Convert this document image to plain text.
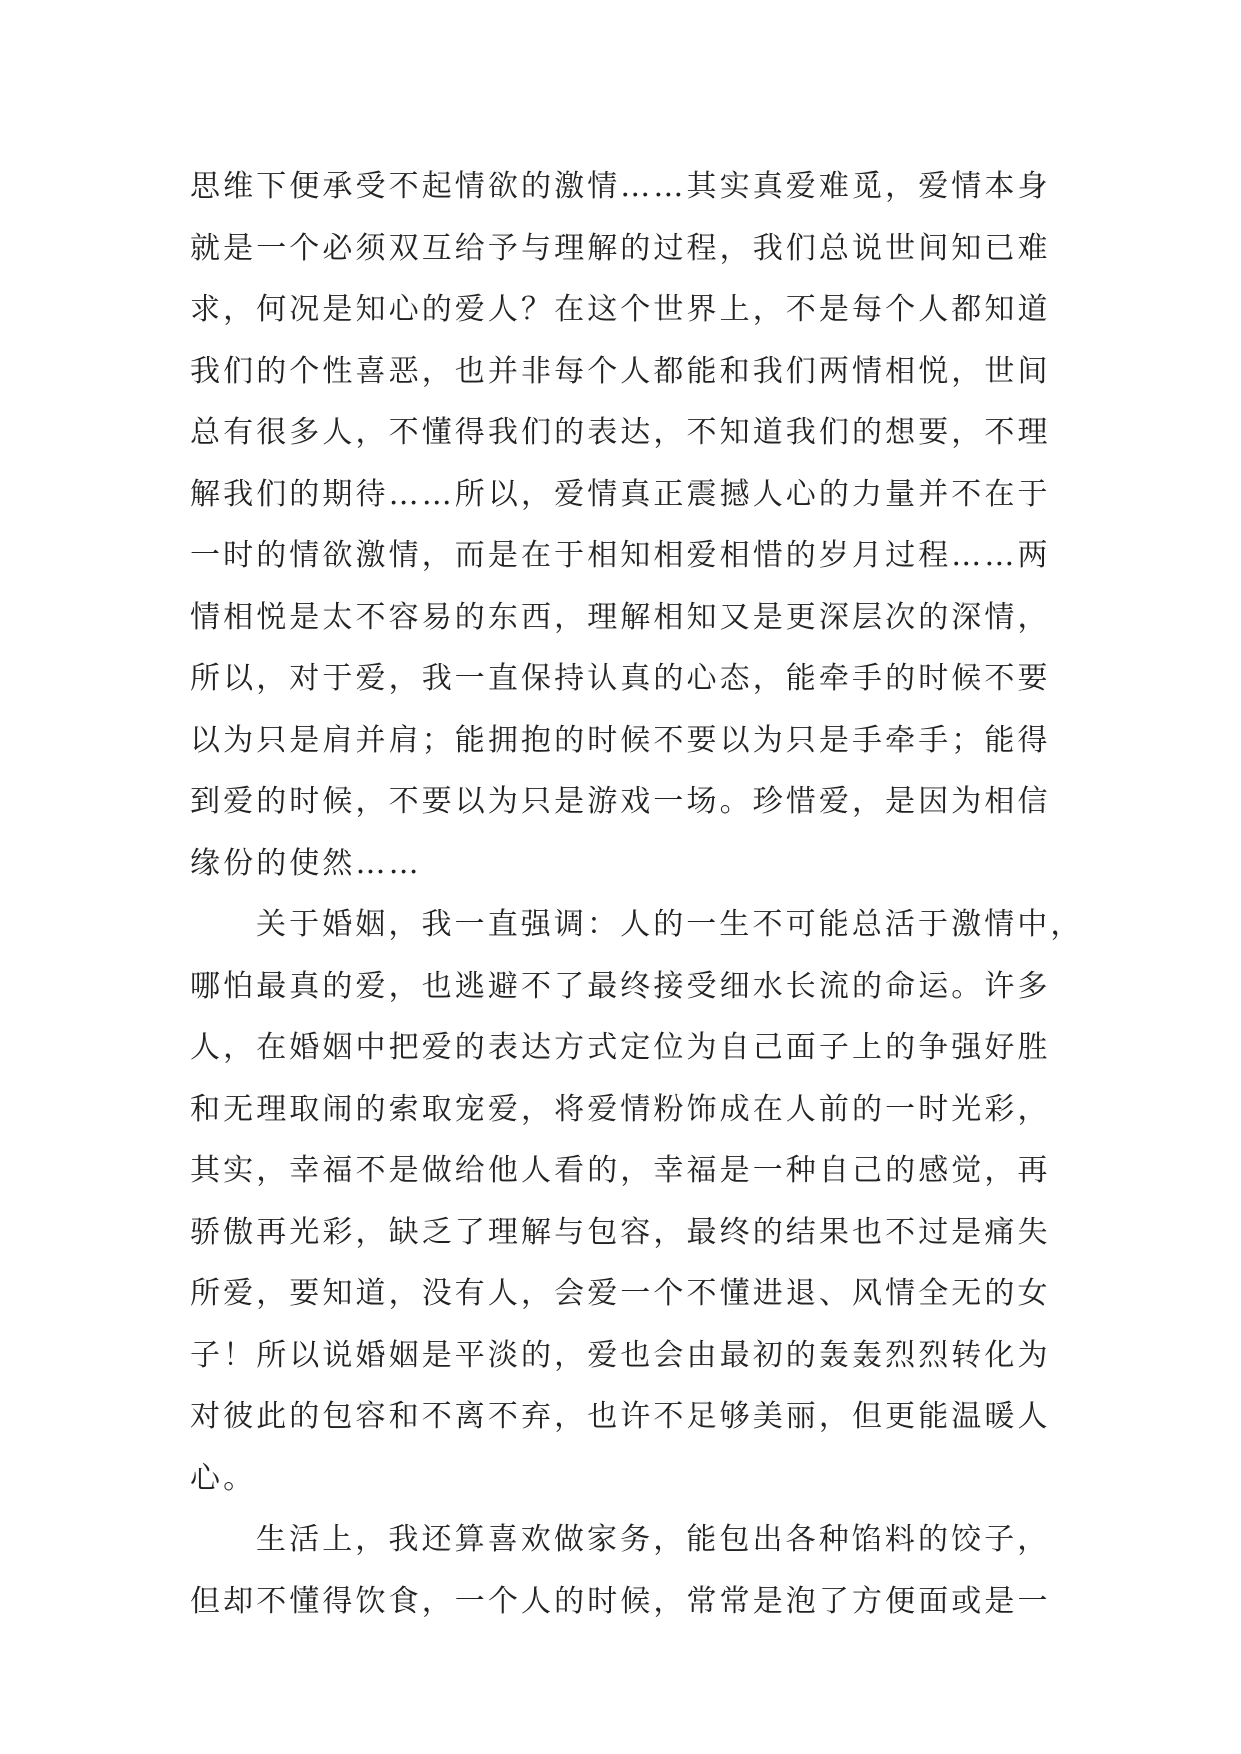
思维下便承受不起情欲的激情……其实真爱难觅，爱情本身
就是一个必须双互给予与理解的过程，我们总说世间知已难
求，何况是知心的爱人？在这个世界上，不是每个人都知道
我们的个性喜恶，也并非每个人都能和我们两情相悦，世间
总有很多人，不懂得我们的表达，不知道我们的想要，不理
解我们的期待……所以，爱情真正震撼人心的力量并不在于
一时的情欲激情，而是在于相知相爱相惜的岁月过程……两
情相悦是太不容易的东西，理解相知又是更深层次的深情，
所以，对于爱，我一直保持认真的心态，能牵手的时候不要
以为只是肩并肩；能拥抱的时候不要以为只是手牵手；能得
到爱的时候，不要以为只是游戏一场。珍惜爱，是因为相信
缘份的使然……
关于婚姻，我一直强调：人的一生不可能总活于激情中，
哪怕最真的爱，也逃避不了最终接受细水长流的命运。许多
人，在婚姻中把爱的表达方式定位为自己面子上的争强好胜
和无理取闹的索取宠爱，将爱情粉饰成在人前的一时光彩，
其实，幸福不是做给他人看的，幸福是一种自己的感觉，再
骄傲再光彩，缺乏了理解与包容，最终的结果也不过是痛失
所爱，要知道，没有人，会爱一个不懂进退、风情全无的女
子！所以说婚姻是平淡的，爱也会由最初的轰轰烈烈转化为
对彼此的包容和不离不弃，也许不足够美丽，但更能温暖人
心。
生活上，我还算喜欢做家务，能包出各种馅料的饺子，
但却不懂得饮食，一个人的时候，常常是泡了方便面或是一
